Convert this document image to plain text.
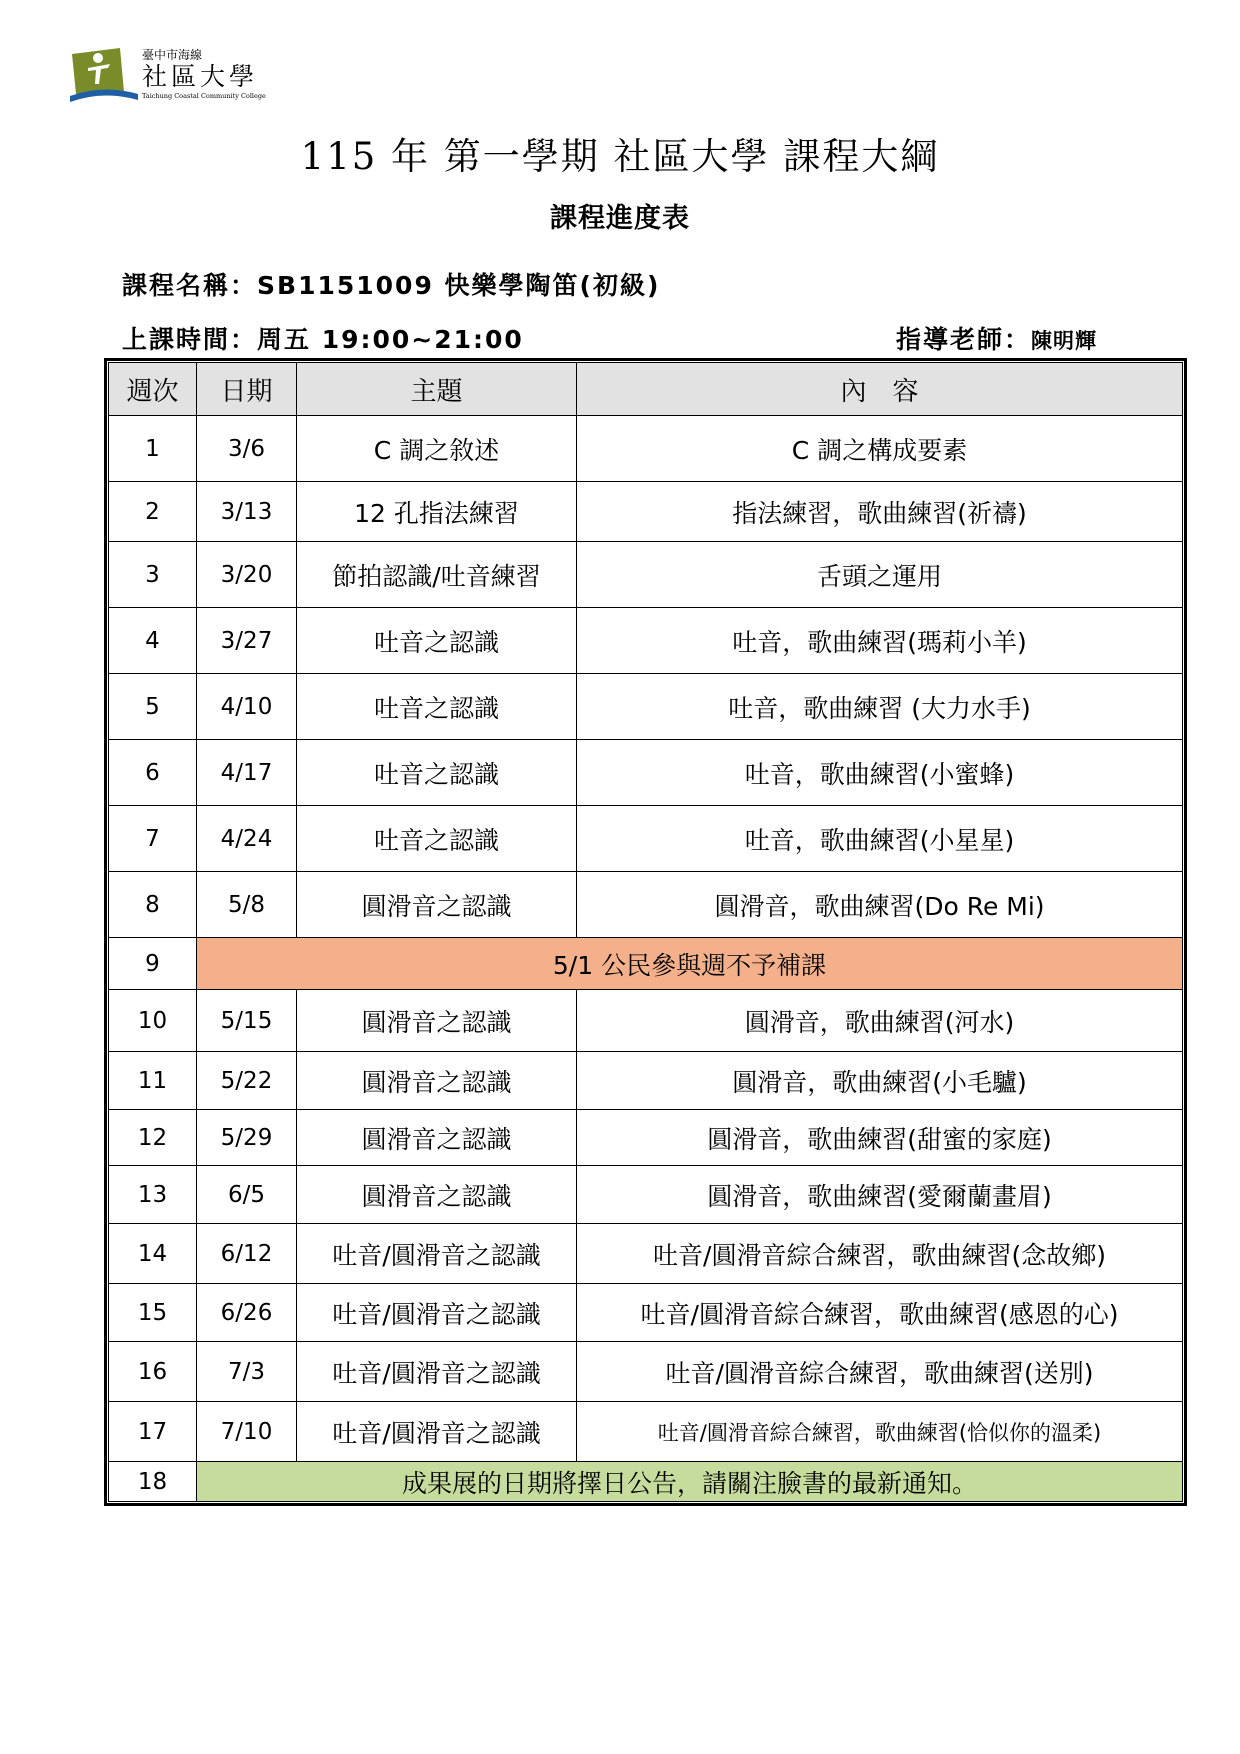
臺中市海線
社區大學
Taichung Coastal Community College
115 年 第一學期 社區大學 課程大綱
課程進度表
課程名稱：SB1151009 快樂學陶笛(初級)
上課時間：周五 19:00~21:00	指導老師：陳明輝
週次	日期	主題	內　容
1	3/6	C 調之敘述	C 調之構成要素
2	3/13	12 孔指法練習	指法練習，歌曲練習(祈禱)
3	3/20	節拍認識/吐音練習	舌頭之運用
4	3/27	吐音之認識	吐音，歌曲練習(瑪莉小羊)
5	4/10	吐音之認識	吐音，歌曲練習 (大力水手)
6	4/17	吐音之認識	吐音，歌曲練習(小蜜蜂)
7	4/24	吐音之認識	吐音，歌曲練習(小星星)
8	5/8	圓滑音之認識	圓滑音，歌曲練習(Do Re Mi)
9	5/1 公民參與週不予補課		
10	5/15	圓滑音之認識	圓滑音，歌曲練習(河水)
11	5/22	圓滑音之認識	圓滑音，歌曲練習(小毛驢)
12	5/29	圓滑音之認識	圓滑音，歌曲練習(甜蜜的家庭)
13	6/5	圓滑音之認識	圓滑音，歌曲練習(愛爾蘭畫眉)
14	6/12	吐音/圓滑音之認識	吐音/圓滑音綜合練習，歌曲練習(念故鄉)
15	6/26	吐音/圓滑音之認識	吐音/圓滑音綜合練習，歌曲練習(感恩的心)
16	7/3	吐音/圓滑音之認識	吐音/圓滑音綜合練習，歌曲練習(送別)
17	7/10	吐音/圓滑音之認識	吐音/圓滑音綜合練習，歌曲練習(恰似你的溫柔)
18	成果展的日期將擇日公告，請關注臉書的最新通知。		
